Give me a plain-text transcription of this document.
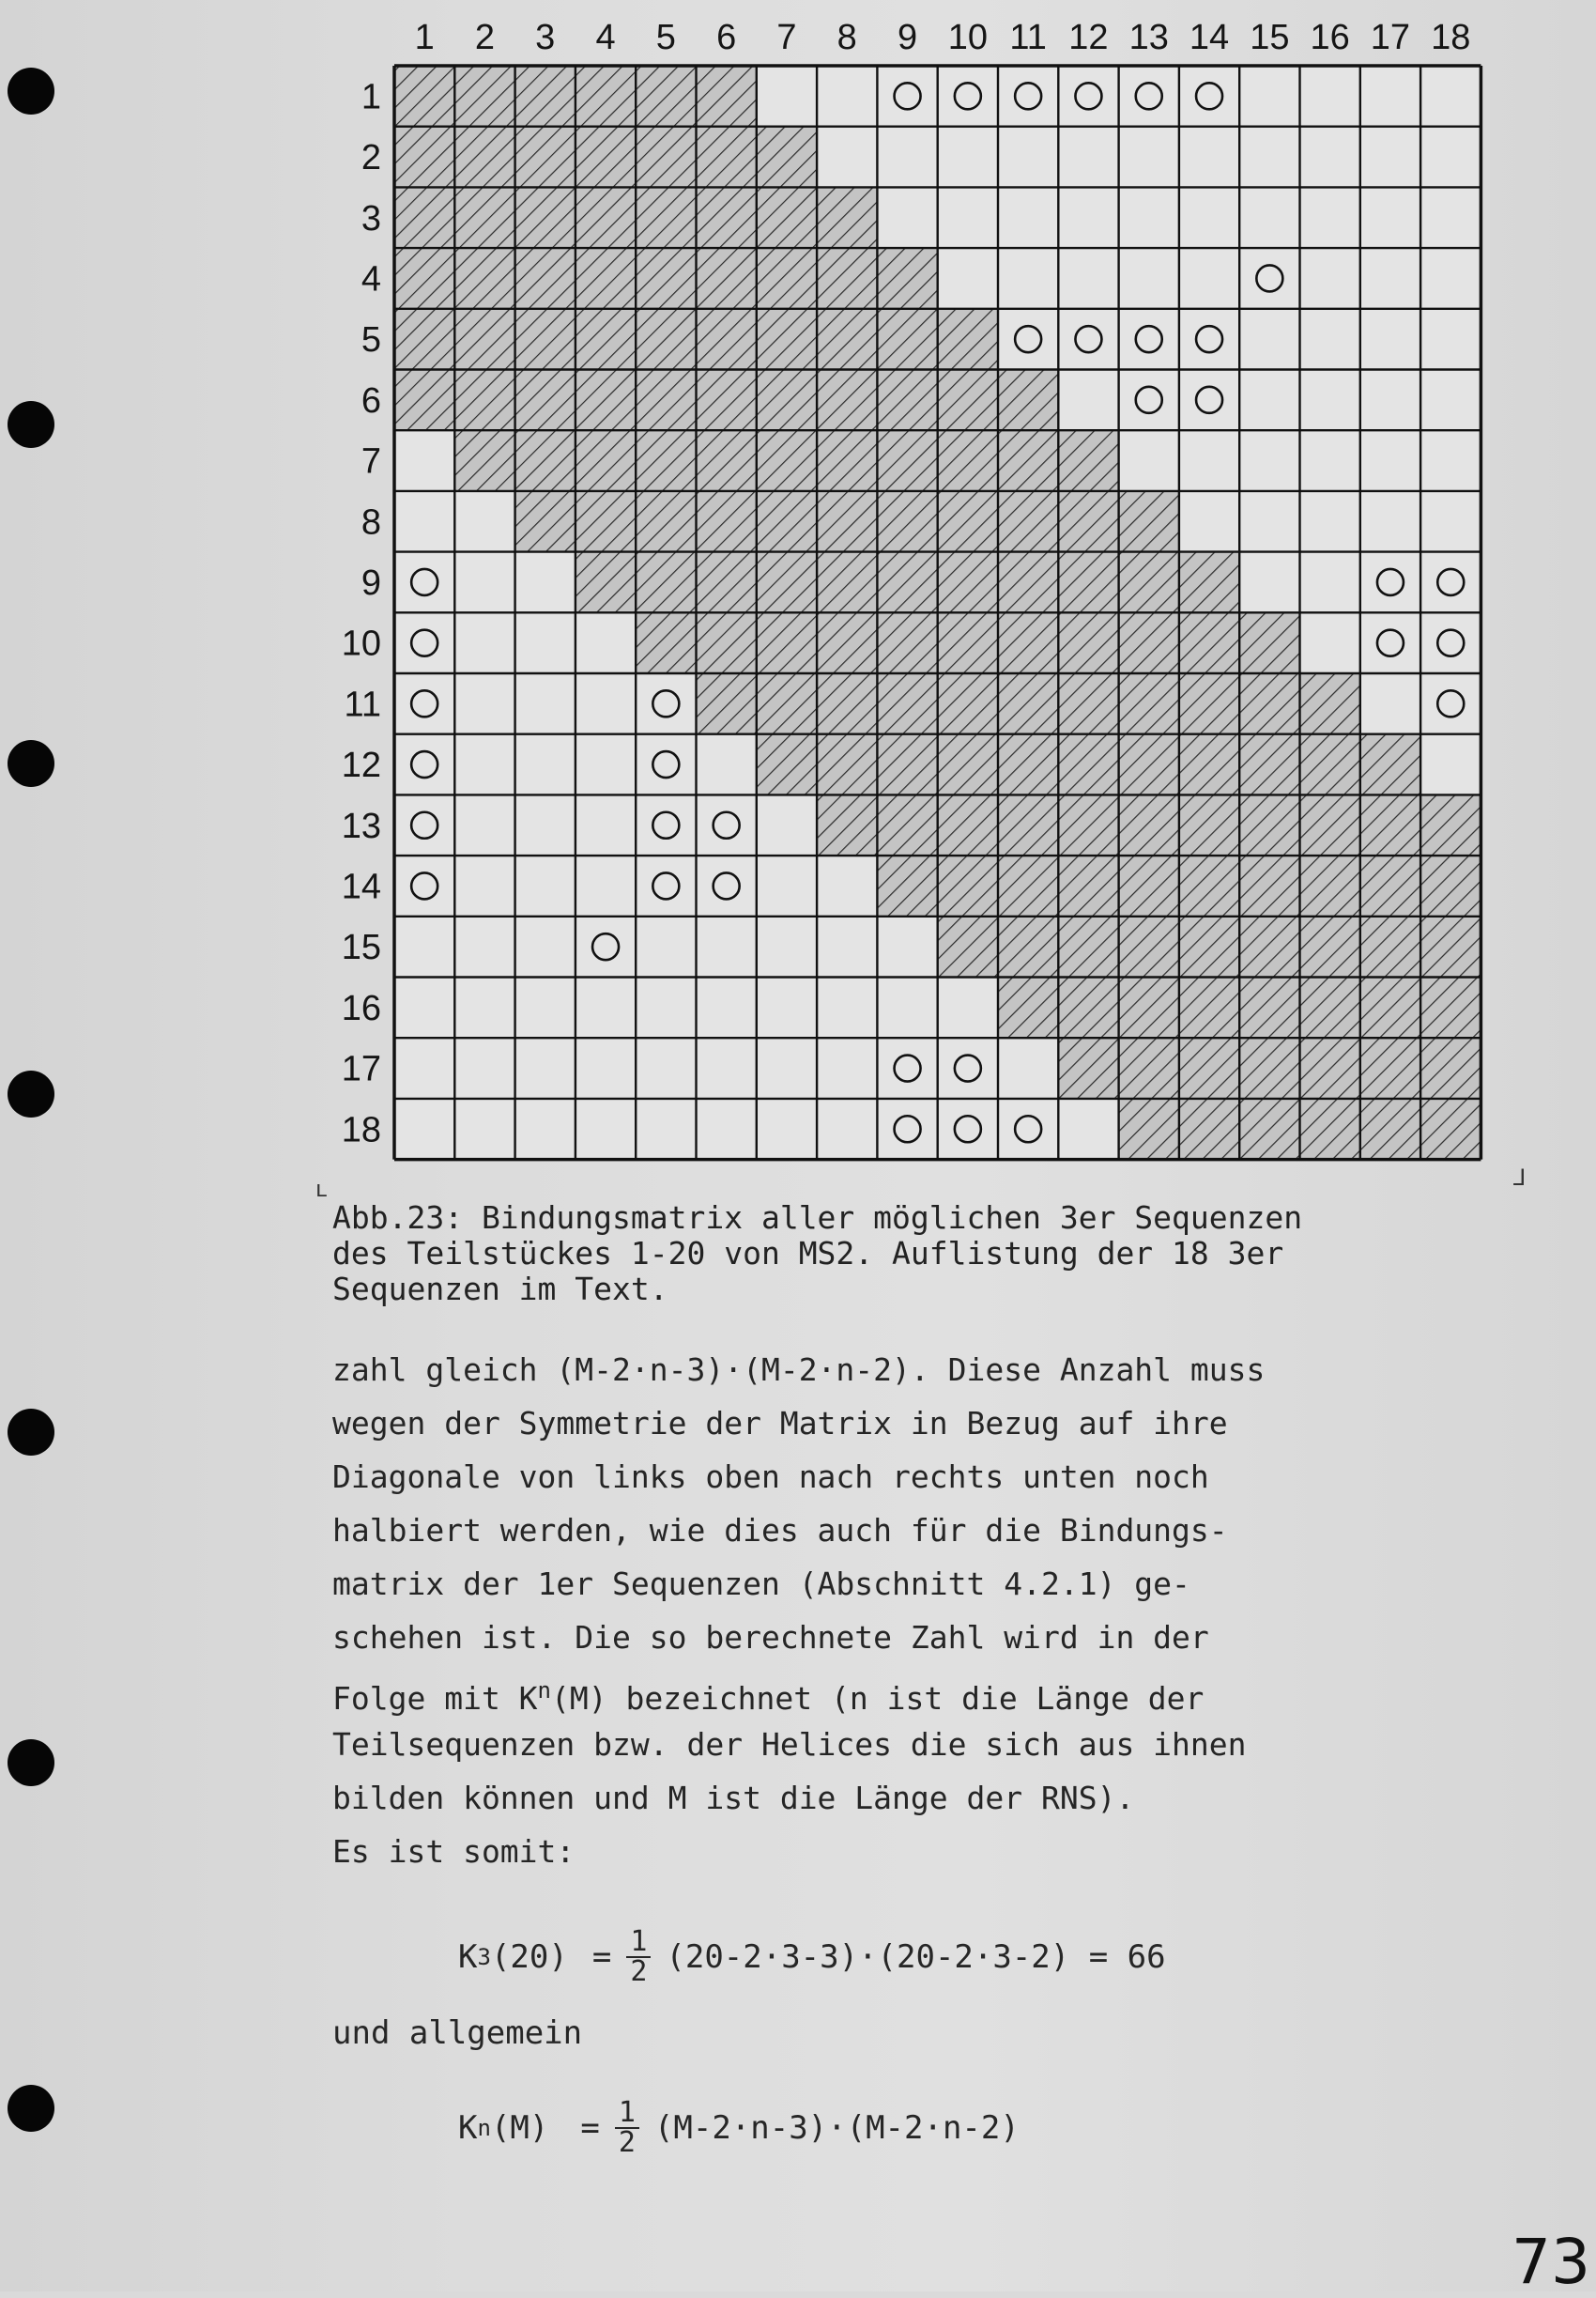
1 2 3 4 5 6 7 8 9 10 11 12 13 14 15 16 17 18
1
2
3
4
5
6
7
8
9
10
11
12
13
14
15
16
17
18
ʟ	⅃
Abb.23: Bindungsmatrix aller möglichen 3er Sequenzen
des Teilstückes 1-20 von MS2. Auflistung der 18 3er
Sequenzen im Text.
zahl gleich (M-2·n-3)·(M-2·n-2). Diese Anzahl muss
wegen der Symmetrie der Matrix in Bezug auf ihre
Diagonale von links oben nach rechts unten noch
halbiert werden, wie dies auch für die Bindungs-
matrix der 1er Sequenzen (Abschnitt 4.2.1) ge-
schehen ist. Die so berechnete Zahl wird in der
Folge mit $K^n(M)$ bezeichnet (n ist die Länge der
Teilsequenzen bzw. der Helices die sich aus ihnen
bilden können und M ist die Länge der RNS).
Es ist somit:
K 3 $(20) = \frac{1}{2} (20-2\cdot 3-3)\cdot(20-2\cdot 3-2) = 66$
und allgemein
K n $(M) = \frac{1}{2} (M-2\cdot n-3)\cdot(M-2\cdot n-2)$
73
